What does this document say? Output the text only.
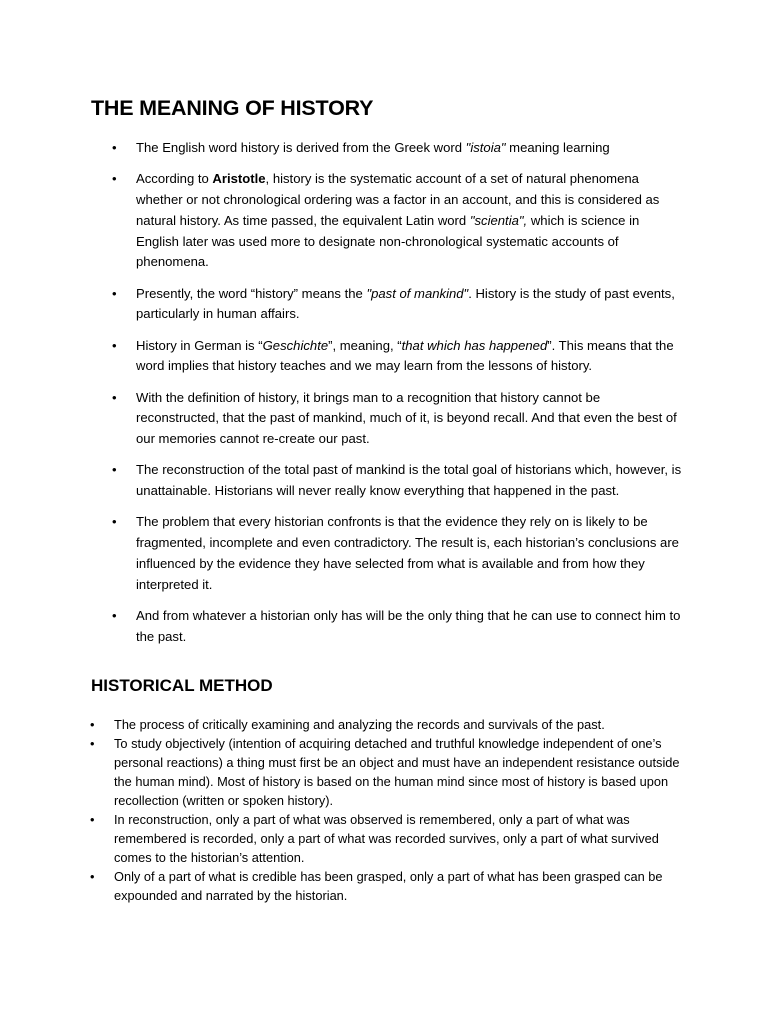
THE MEANING OF HISTORY
• The English word history is derived from the Greek word "istoia" meaning learning
• According to Aristotle, history is the systematic account of a set of natural phenomena whether or not chronological ordering was a factor in an account, and this is considered as natural history. As time passed, the equivalent Latin word "scientia", which is science in English later was used more to designate non-chronological systematic accounts of phenomena.
• Presently, the word “history” means the "past of mankind". History is the study of past events, particularly in human affairs.
• History in German is “Geschichte”, meaning, “that which has happened”. This means that the word implies that history teaches and we may learn from the lessons of history.
• With the definition of history, it brings man to a recognition that history cannot be reconstructed, that the past of mankind, much of it, is beyond recall. And that even the best of our memories cannot re-create our past.
• The reconstruction of the total past of mankind is the total goal of historians which, however, is unattainable. Historians will never really know everything that happened in the past.
• The problem that every historian confronts is that the evidence they rely on is likely to be fragmented, incomplete and even contradictory. The result is, each historian’s conclusions are influenced by the evidence they have selected from what is available and from how they interpreted it.
• And from whatever a historian only has will be the only thing that he can use to connect him to the past.
HISTORICAL METHOD
• The process of critically examining and analyzing the records and survivals of the past.
• To study objectively (intention of acquiring detached and truthful knowledge independent of one’s personal reactions) a thing must first be an object and must have an independent resistance outside the human mind). Most of history is based on the human mind since most of history is based upon recollection (written or spoken history).
• In reconstruction, only a part of what was observed is remembered, only a part of what was remembered is recorded, only a part of what was recorded survives, only a part of what survived comes to the historian’s attention.
• Only of a part of what is credible has been grasped, only a part of what has been grasped can be expounded and narrated by the historian.
